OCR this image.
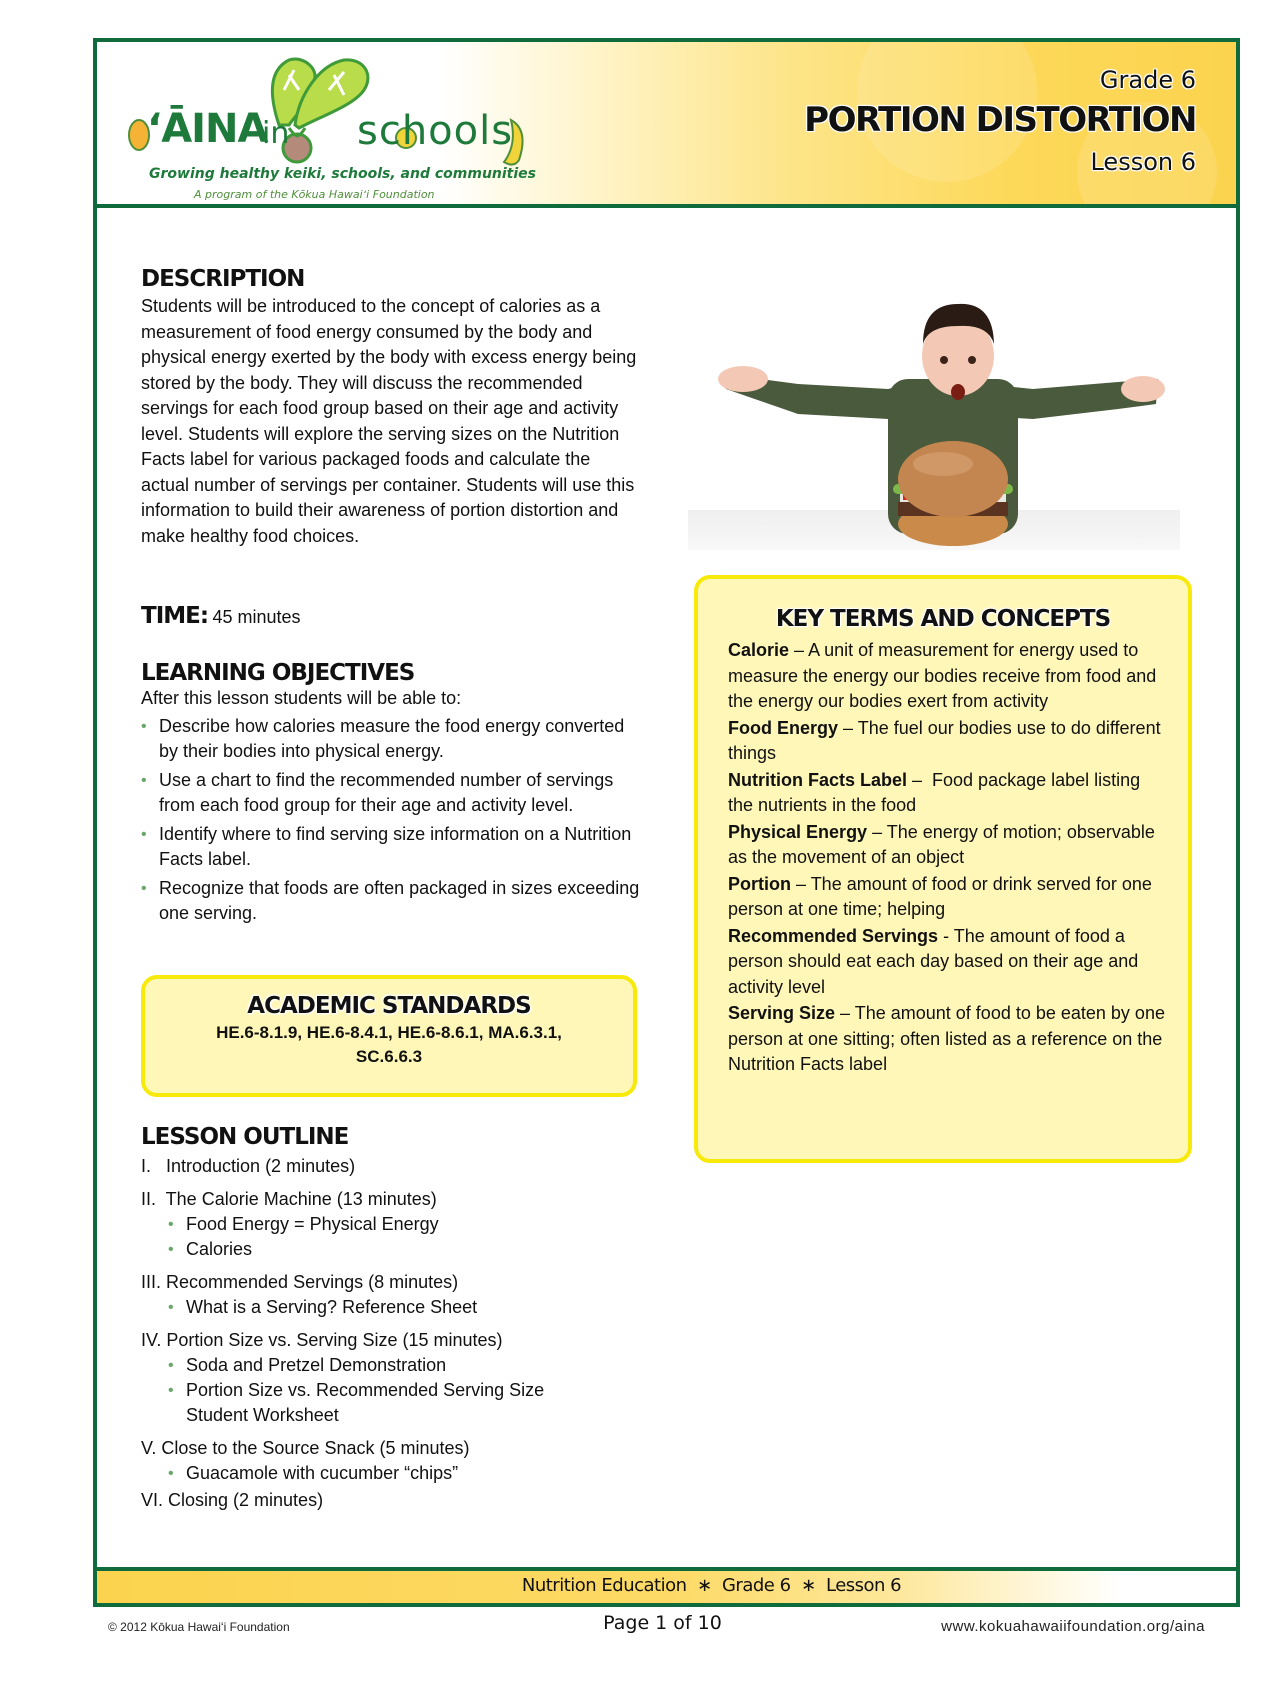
ʻĀINA
in schools
Growing healthy keiki, schools, and communities
A program of the Kōkua Hawaiʻi Foundation
Grade 6
PORTION DISTORTION
Lesson 6
DESCRIPTION

Students will be introduced to the concept of calories as a measurement of food energy consumed by the body and physical energy exerted by the body with excess energy being stored by the body. They will discuss the recommended servings for each food group based on their age and activity level. Students will explore the serving sizes on the Nutrition Facts label for various packaged foods and calculate the actual number of servings per container. Students will use this information to build their awareness of portion distortion and make healthy food choices.

TIME: 45 minutes
LEARNING OBJECTIVES

After this lesson students will be able to:

• Describe how calories measure the food energy converted by their bodies into physical energy.
• Use a chart to find the recommended number of servings from each food group for their age and activity level.
• Identify where to find serving size information on a Nutrition Facts label.
• Recognize that foods are often packaged in sizes exceeding one serving.
ACADEMIC STANDARDS
HE.6-8.1.9, HE.6-8.4.1, HE.6-8.6.1, MA.6.3.1, SC.6.6.3
LESSON OUTLINE
I.   Introduction (2 minutes)
II.  The Calorie Machine (13 minutes)
• Food Energy = Physical Energy
• Calories
III. Recommended Servings (8 minutes)
• What is a Serving? Reference Sheet
IV. Portion Size vs. Serving Size (15 minutes)
• Soda and Pretzel Demonstration
• Portion Size vs. Recommended Serving Size Student Worksheet
V. Close to the Source Snack (5 minutes)
• Guacamole with cucumber “chips”
VI. Closing (2 minutes)
KEY TERMS AND CONCEPTS

Calorie – A unit of measurement for energy used to measure the energy our bodies receive from food and the energy our bodies exert from activity

Food Energy – The fuel our bodies use to do different things

Nutrition Facts Label –  Food package label listing the nutrients in the food

Physical Energy – The energy of motion; observable as the movement of an object

Portion – The amount of food or drink served for one person at one time; helping

Recommended Servings - The amount of food a person should eat each day based on their age and activity level

Serving Size – The amount of food to be eaten by one person at one sitting; often listed as a reference on the Nutrition Facts label

Nutrition Education  ∗  Grade 6  ∗  Lesson 6
© 2012 Kōkua Hawaiʻi Foundation	Page 1 of 10	www.kokuahawaiifoundation.org/aina
